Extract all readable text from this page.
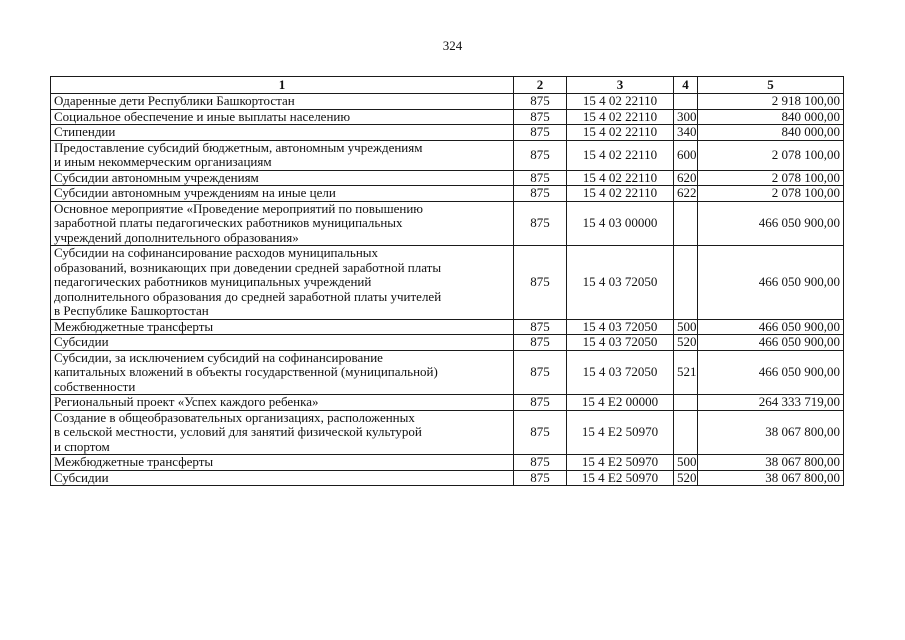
324
1	2	3	4	5
Одаренные дети Республики Башкортостан	875	15 4 02 22110		2 918 100,00
Социальное обеспечение и иные выплаты населению	875	15 4 02 22110	300	840 000,00
Стипендии	875	15 4 02 22110	340	840 000,00

Предоставление субсидий бюджетным, автономным учреждениям
и иным некоммерческим организациям	875	15 4 02 22110	600	2 078 100,00
Субсидии автономным учреждениям	875	15 4 02 22110	620	2 078 100,00
Субсидии автономным учреждениям на иные цели	875	15 4 02 22110	622	2 078 100,00

Основное мероприятие «Проведение мероприятий по повышению
заработной платы педагогических работников муниципальных
учреждений дополнительного образования»	875	15 4 03 00000		466 050 900,00

Субсидии на софинансирование расходов муниципальных
образований, возникающих при доведении средней заработной платы
педагогических работников муниципальных учреждений
дополнительного образования до средней заработной платы учителей
в Республике Башкортостан	875	15 4 03 72050		466 050 900,00
Межбюджетные трансферты	875	15 4 03 72050	500	466 050 900,00
Субсидии	875	15 4 03 72050	520	466 050 900,00

Субсидии, за исключением субсидий на софинансирование
капитальных вложений в объекты государственной (муниципальной)
собственности	875	15 4 03 72050	521	466 050 900,00
Региональный проект «Успех каждого ребенка»	875	15 4 E2 00000		264 333 719,00

Создание в общеобразовательных организациях, расположенных
в сельской местности, условий для занятий физической культурой
и спортом	875	15 4 E2 50970		38 067 800,00
Межбюджетные трансферты	875	15 4 E2 50970	500	38 067 800,00
Субсидии	875	15 4 E2 50970	520	38 067 800,00
